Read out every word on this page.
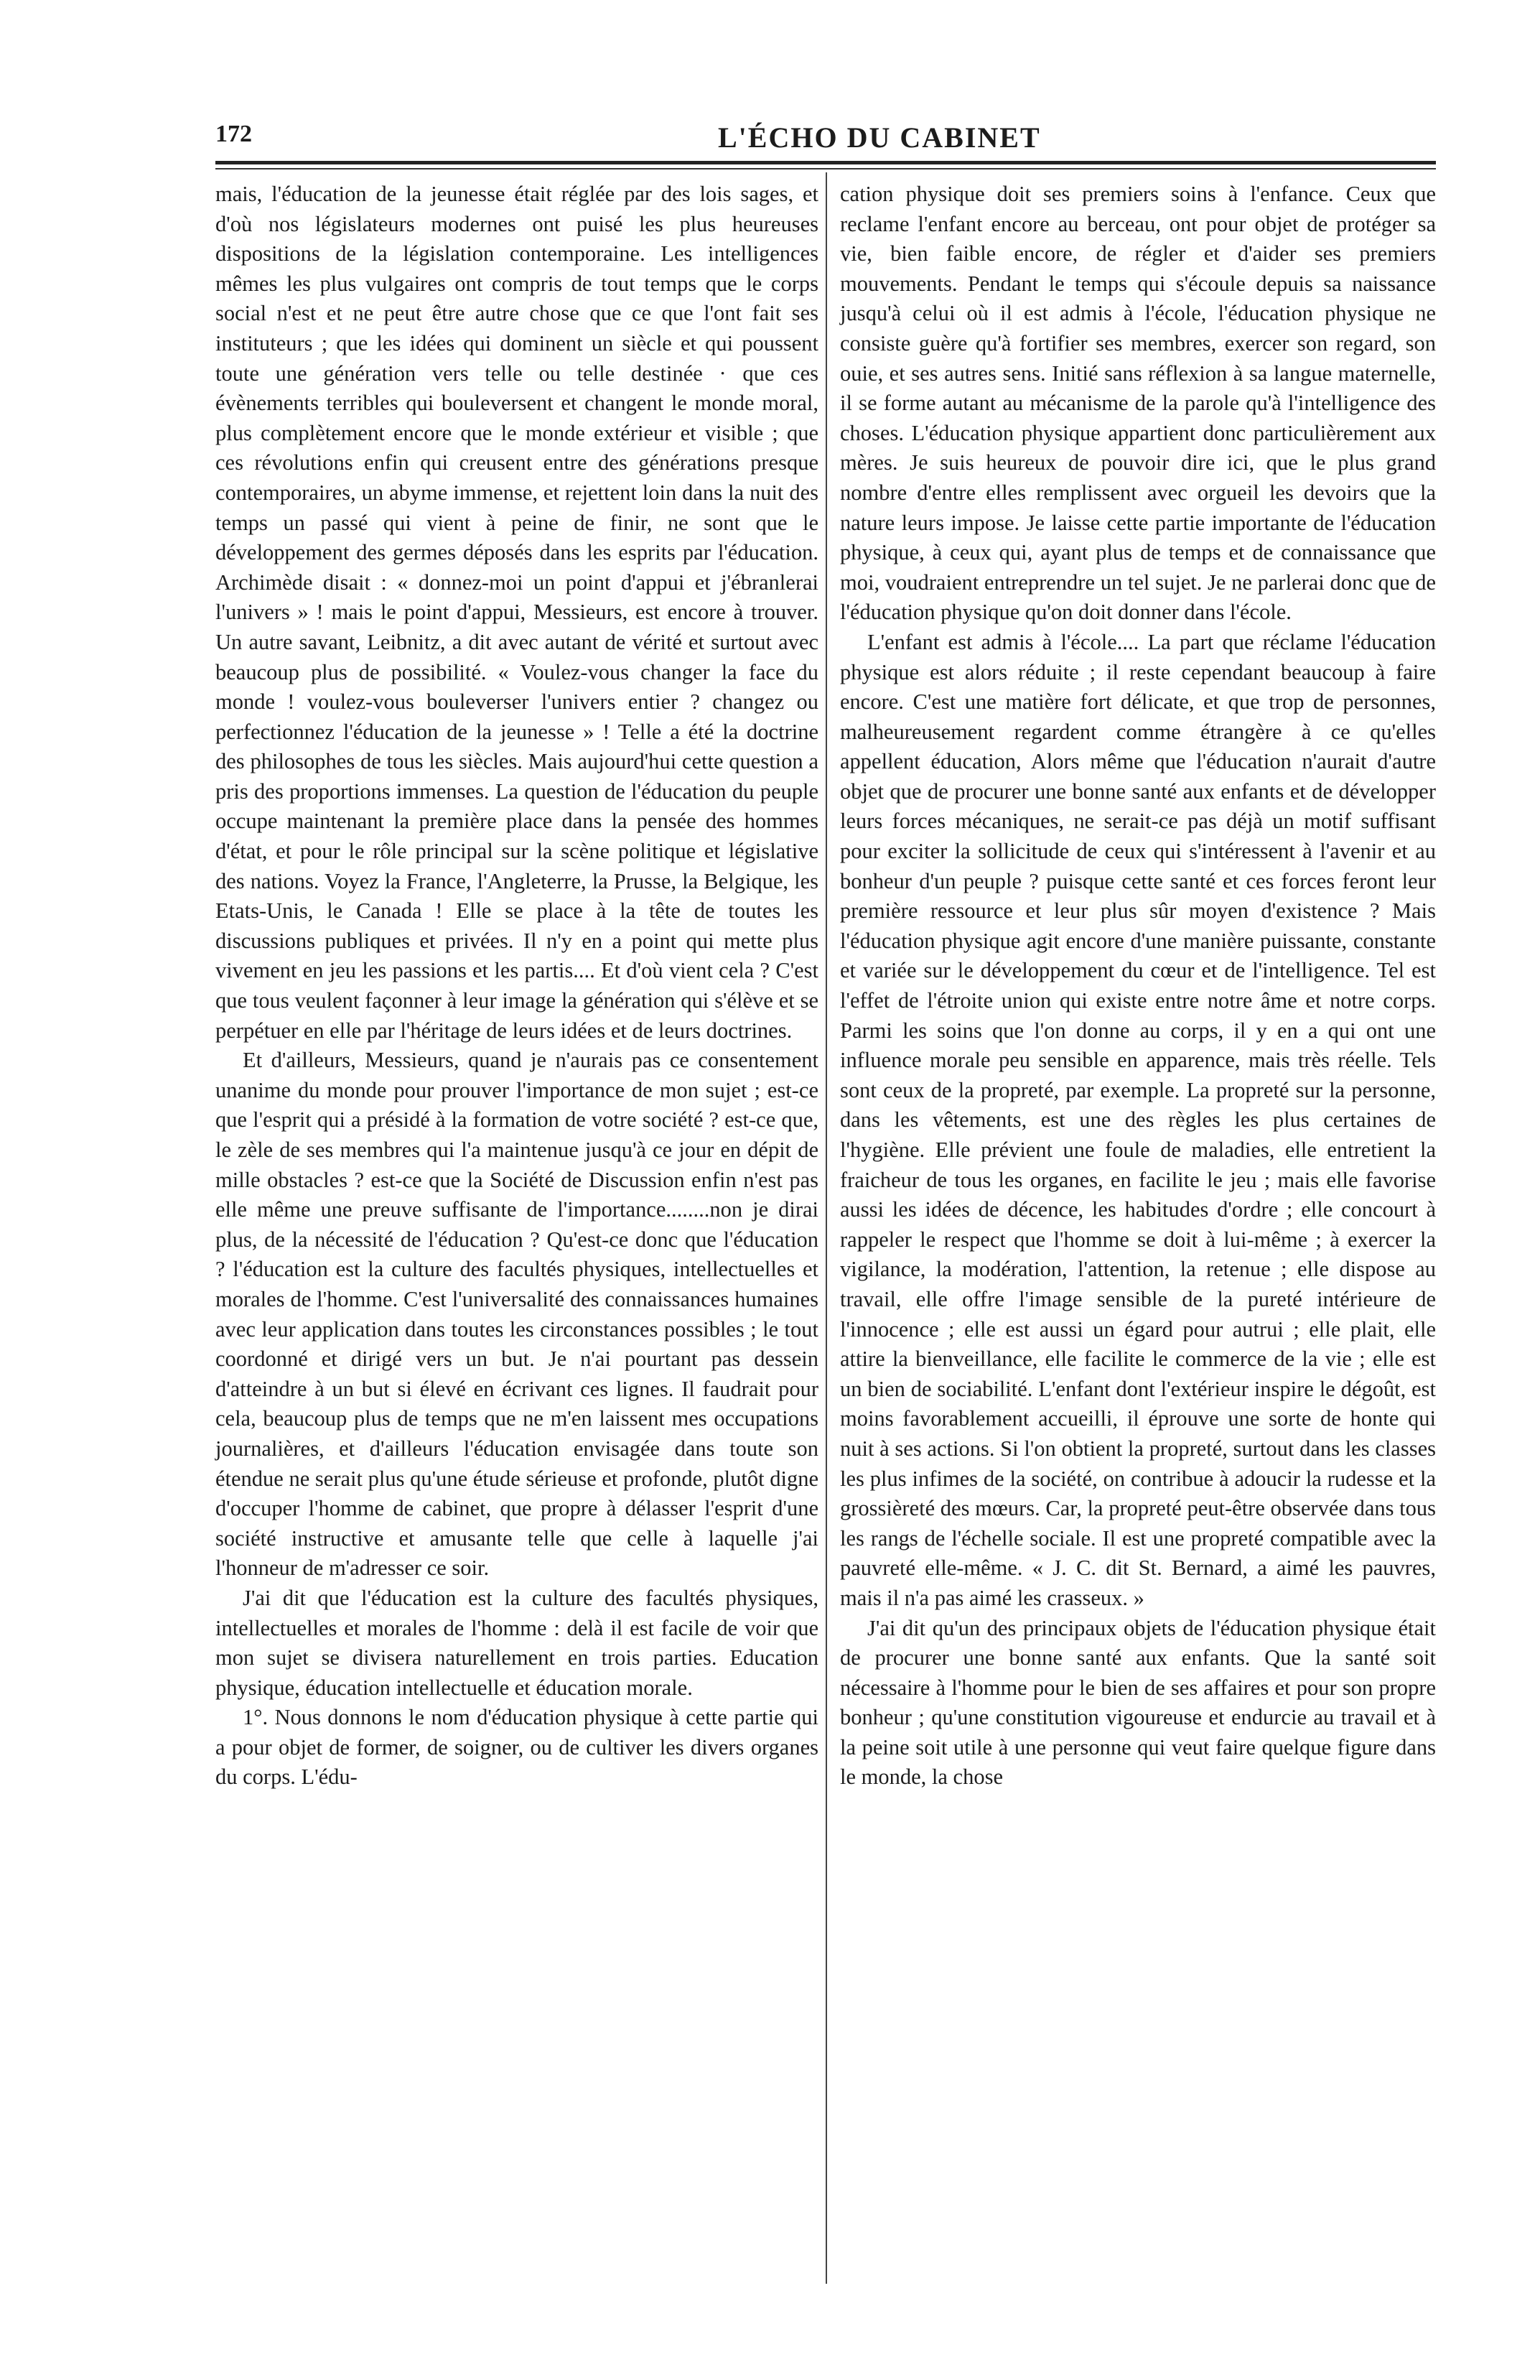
172	L'ÉCHO DU CABINET

mais, l'éducation de la jeunesse était réglée par des lois sages, et d'où nos législateurs modernes ont puisé les plus heureuses dispositions de la législation contemporaine. Les intelligences mêmes les plus vulgaires ont compris de tout temps que le corps social n'est et ne peut être autre chose que ce que l'ont fait ses instituteurs ; que les idées qui dominent un siècle et qui poussent toute une génération vers telle ou telle destinée · que ces évènements terribles qui bouleversent et changent le monde moral, plus complètement encore que le monde extérieur et visible ; que ces révolutions enfin qui creusent entre des générations presque contemporaires, un abyme immense, et rejettent loin dans la nuit des temps un passé qui vient à peine de finir, ne sont que le développement des germes déposés dans les esprits par l'éducation. Archimède disait : « donnez-moi un point d'appui et j'ébranlerai l'univers » ! mais le point d'appui, Messieurs, est encore à trouver. Un autre savant, Leibnitz, a dit avec autant de vérité et surtout avec beaucoup plus de possibilité. « Voulez-vous changer la face du monde ! voulez-vous bouleverser l'univers entier ? changez ou perfectionnez l'éducation de la jeunesse » ! Telle a été la doctrine des philosophes de tous les siècles. Mais aujourd'hui cette question a pris des proportions immenses. La question de l'éducation du peuple occupe maintenant la première place dans la pensée des hommes d'état, et pour le rôle principal sur la scène politique et législative des nations. Voyez la France, l'Angleterre, la Prusse, la Belgique, les Etats-Unis, le Canada ! Elle se place à la tête de toutes les discussions publiques et privées. Il n'y en a point qui mette plus vivement en jeu les passions et les partis.... Et d'où vient cela ? C'est que tous veulent façonner à leur image la génération qui s'élève et se perpétuer en elle par l'héritage de leurs idées et de leurs doctrines.

Et d'ailleurs, Messieurs, quand je n'aurais pas ce consentement unanime du monde pour prouver l'importance de mon sujet ; est-ce que l'esprit qui a présidé à la formation de votre société ? est-ce que, le zèle de ses membres qui l'a maintenue jusqu'à ce jour en dépit de mille obstacles ? est-ce que la Société de Discussion enfin n'est pas elle même une preuve suffisante de l'importance........non je dirai plus, de la nécessité de l'éducation ? Qu'est-ce donc que l'éducation ? l'éducation est la culture des facultés physiques, intellectuelles et morales de l'homme. C'est l'universalité des connaissances humaines avec leur application dans toutes les circonstances possibles ; le tout coordonné et dirigé vers un but. Je n'ai pourtant pas dessein d'atteindre à un but si élevé en écrivant ces lignes. Il faudrait pour cela, beaucoup plus de temps que ne m'en laissent mes occupations journalières, et d'ailleurs l'éducation envisagée dans toute son étendue ne serait plus qu'une étude sérieuse et profonde, plutôt digne d'occuper l'homme de cabinet, que propre à délasser l'esprit d'une société instructive et amusante telle que celle à laquelle j'ai l'honneur de m'adresser ce soir.

J'ai dit que l'éducation est la culture des facultés physiques, intellectuelles et morales de l'homme : delà il est facile de voir que mon sujet se divisera naturellement en trois parties. Education physique, éducation intellectuelle et éducation morale.

1°. Nous donnons le nom d'éducation physique à cette partie qui a pour objet de former, de soigner, ou de cultiver les divers organes du corps. L'édu-

cation physique doit ses premiers soins à l'enfance. Ceux que reclame l'enfant encore au berceau, ont pour objet de protéger sa vie, bien faible encore, de régler et d'aider ses premiers mouvements. Pendant le temps qui s'écoule depuis sa naissance jusqu'à celui où il est admis à l'école, l'éducation physique ne consiste guère qu'à fortifier ses membres, exercer son regard, son ouie, et ses autres sens. Initié sans réflexion à sa langue maternelle, il se forme autant au mécanisme de la parole qu'à l'intelligence des choses. L'éducation physique appartient donc particulièrement aux mères. Je suis heureux de pouvoir dire ici, que le plus grand nombre d'entre elles remplissent avec orgueil les devoirs que la nature leurs impose. Je laisse cette partie importante de l'éducation physique, à ceux qui, ayant plus de temps et de connaissance que moi, voudraient entreprendre un tel sujet. Je ne parlerai donc que de l'éducation physique qu'on doit donner dans l'école.

L'enfant est admis à l'école.... La part que réclame l'éducation physique est alors réduite ; il reste cependant beaucoup à faire encore. C'est une matière fort délicate, et que trop de personnes, malheureusement regardent comme étrangère à ce qu'elles appellent éducation, Alors même que l'éducation n'aurait d'autre objet que de procurer une bonne santé aux enfants et de développer leurs forces mécaniques, ne serait-ce pas déjà un motif suffisant pour exciter la sollicitude de ceux qui s'intéressent à l'avenir et au bonheur d'un peuple ? puisque cette santé et ces forces feront leur première ressource et leur plus sûr moyen d'existence ? Mais l'éducation physique agit encore d'une manière puissante, constante et variée sur le développement du cœur et de l'intelligence. Tel est l'effet de l'étroite union qui existe entre notre âme et notre corps. Parmi les soins que l'on donne au corps, il y en a qui ont une influence morale peu sensible en apparence, mais très réelle. Tels sont ceux de la propreté, par exemple. La propreté sur la personne, dans les vêtements, est une des règles les plus certaines de l'hygiène. Elle prévient une foule de maladies, elle entretient la fraicheur de tous les organes, en facilite le jeu ; mais elle favorise aussi les idées de décence, les habitudes d'ordre ; elle concourt à rappeler le respect que l'homme se doit à lui-même ; à exercer la vigilance, la modération, l'attention, la retenue ; elle dispose au travail, elle offre l'image sensible de la pureté intérieure de l'innocence ; elle est aussi un égard pour autrui ; elle plait, elle attire la bienveillance, elle facilite le commerce de la vie ; elle est un bien de sociabilité. L'enfant dont l'extérieur inspire le dégoût, est moins favorablement accueilli, il éprouve une sorte de honte qui nuit à ses actions. Si l'on obtient la propreté, surtout dans les classes les plus infimes de la société, on contribue à adoucir la rudesse et la grossièreté des mœurs. Car, la propreté peut-être observée dans tous les rangs de l'échelle sociale. Il est une propreté compatible avec la pauvreté elle-même. « J. C. dit St. Bernard, a aimé les pauvres, mais il n'a pas aimé les crasseux. »

J'ai dit qu'un des principaux objets de l'éducation physique était de procurer une bonne santé aux enfants. Que la santé soit nécessaire à l'homme pour le bien de ses affaires et pour son propre bonheur ; qu'une constitution vigoureuse et endurcie au travail et à la peine soit utile à une personne qui veut faire quelque figure dans le monde, la chose
